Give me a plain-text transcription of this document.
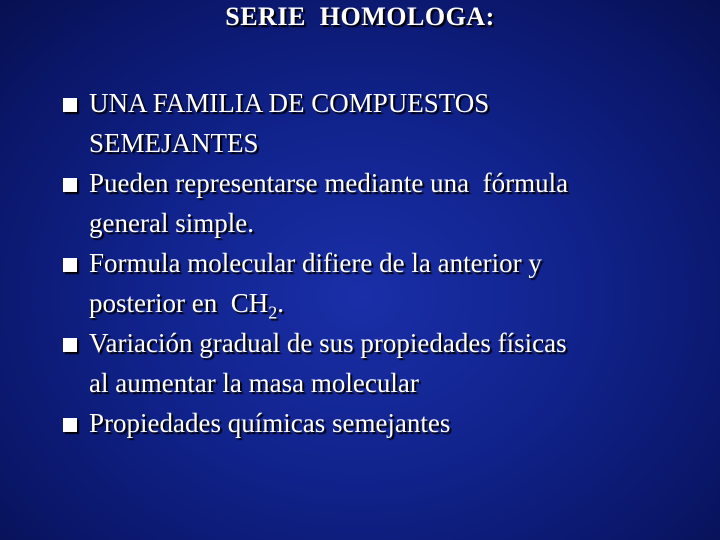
SERIE  HOMOLOGA:
UNA FAMILIA DE COMPUESTOS
SEMEJANTES
Pueden representarse mediante una  fórmula
general simple.
Formula molecular difiere de la anterior y
posterior en  $CH_2$.
Variación gradual de sus propiedades físicas
al aumentar la masa molecular
Propiedades químicas semejantes
